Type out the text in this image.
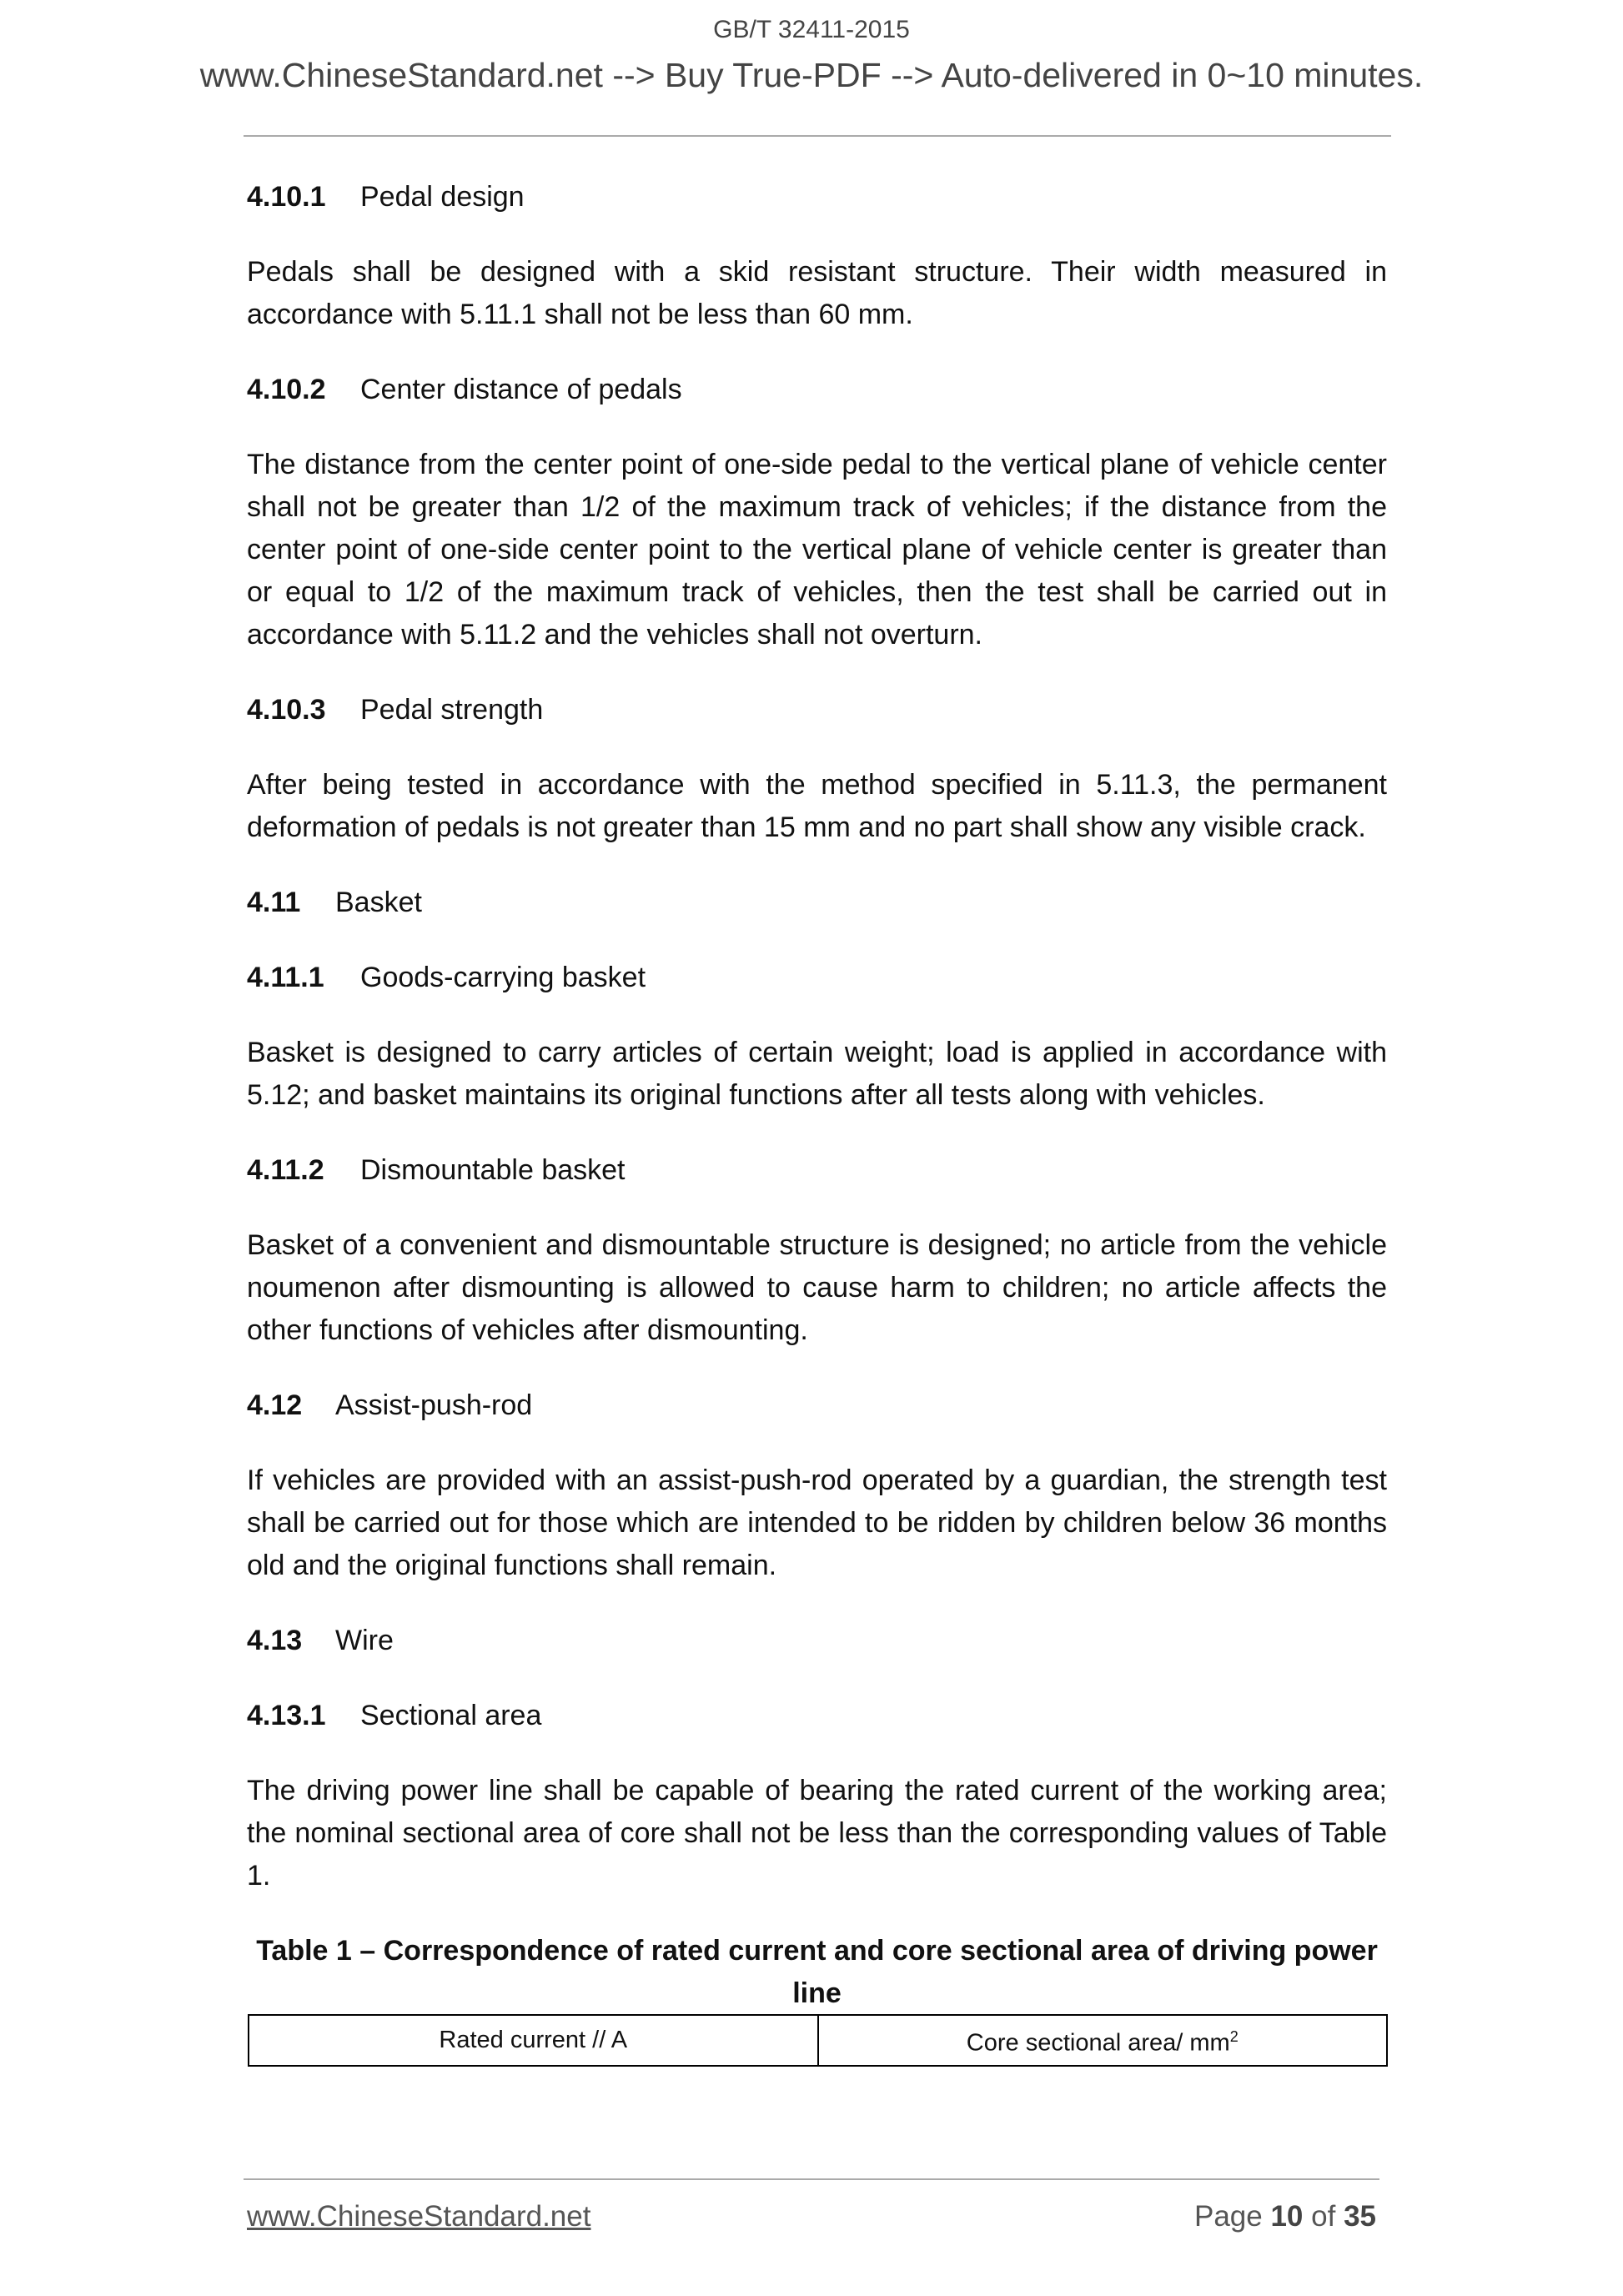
GB/T 32411-2015
www.ChineseStandard.net --> Buy True-PDF --> Auto-delivered in 0~10 minutes.
4.10.1 Pedal design
Pedals shall be designed with a skid resistant structure. Their width measured in accordance with 5.11.1 shall not be less than 60 mm.
4.10.2 Center distance of pedals
The distance from the center point of one-side pedal to the vertical plane of vehicle center shall not be greater than 1/2 of the maximum track of vehicles; if the distance from the center point of one-side center point to the vertical plane of vehicle center is greater than or equal to 1/2 of the maximum track of vehicles, then the test shall be carried out in accordance with 5.11.2 and the vehicles shall not overturn.
4.10.3 Pedal strength
After being tested in accordance with the method specified in 5.11.3, the permanent deformation of pedals is not greater than 15 mm and no part shall show any visible crack.
4.11 Basket
4.11.1 Goods-carrying basket
Basket is designed to carry articles of certain weight; load is applied in accordance with 5.12; and basket maintains its original functions after all tests along with vehicles.
4.11.2 Dismountable basket
Basket of a convenient and dismountable structure is designed; no article from the vehicle noumenon after dismounting is allowed to cause harm to children; no article affects the other functions of vehicles after dismounting.
4.12 Assist-push-rod
If vehicles are provided with an assist-push-rod operated by a guardian, the strength test shall be carried out for those which are intended to be ridden by children below 36 months old and the original functions shall remain.
4.13 Wire
4.13.1 Sectional area
The driving power line shall be capable of bearing the rated current of the working area; the nominal sectional area of core shall not be less than the corresponding values of Table 1.
Table 1 – Correspondence of rated current and core sectional area of driving power line
Rated current // A	Core sectional area/ $mm^2$
www.ChineseStandard.net	Page 10 of 35
